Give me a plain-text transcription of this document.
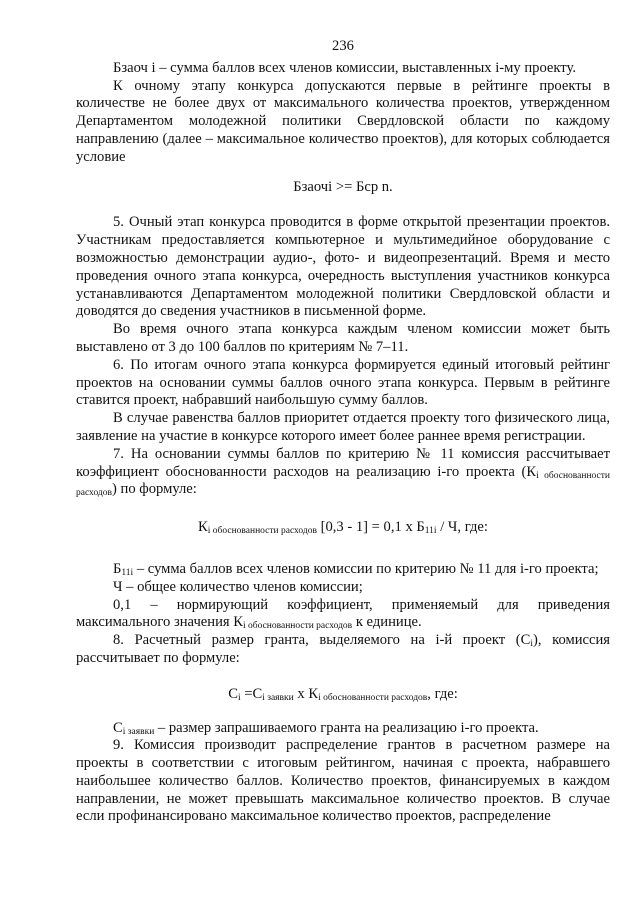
236

Бзаоч i – сумма баллов всех членов комиссии, выставленных i-му проекту.

К очному этапу конкурса допускаются первые в рейтинге проекты в количестве не более двух от максимального количества проектов, утвержденном Департаментом молодежной политики Свердловской области по каждому направлению (далее – максимальное количество проектов), для которых соблюдается условие

Бзаочi >= Бср n.

5. Очный этап конкурса проводится в форме открытой презентации проектов. Участникам предоставляется компьютерное и мультимедийное оборудование с возможностью демонстрации аудио-, фото- и видеопрезентаций. Время и место проведения очного этапа конкурса, очередность выступления участников конкурса устанавливаются Департаментом молодежной политики Свердловской области и доводятся до сведения участников в письменной форме.

Во время очного этапа конкурса каждым членом комиссии может быть выставлено от 3 до 100 баллов по критериям № 7–11.

6. По итогам очного этапа конкурса формируется единый итоговый рейтинг проектов на основании суммы баллов очного этапа конкурса. Первым в рейтинге ставится проект, набравший наибольшую сумму баллов.

В случае равенства баллов приоритет отдается проекту того физического лица, заявление на участие в конкурсе которого имеет более раннее время регистрации.

7. На основании суммы баллов по критерию № 11 комиссия рассчитывает коэффициент обоснованности расходов на реализацию i-го проекта $(К_{i обоснованности расходов})$ по формуле:

$К_{i обоснованности расходов}$ [0,3 - 1] = 0,1 х $Б_{11i}$ / Ч, где:

$Б_{11i}$ – сумма баллов всех членов комиссии по критерию № 11 для i-го проекта;

Ч – общее количество членов комиссии;

0,1 – нормирующий коэффициент, применяемый для приведения максимального значения $К_{i обоснованности расходов}$ к единице.

8. Расчетный размер гранта, выделяемого на i-й проект $(С_i)$, комиссия рассчитывает по формуле:

$С_i =С_{i заявки}$ х $К_{i обоснованности расходов}$, где:

$С_{i заявки}$ – размер запрашиваемого гранта на реализацию i-го проекта.

9. Комиссия производит распределение грантов в расчетном размере на проекты в соответствии с итоговым рейтингом, начиная с проекта, набравшего наибольшее количество баллов. Количество проектов, финансируемых в каждом направлении, не может превышать максимальное количество проектов. В случае если профинансировано максимальное количество проектов, распределение
